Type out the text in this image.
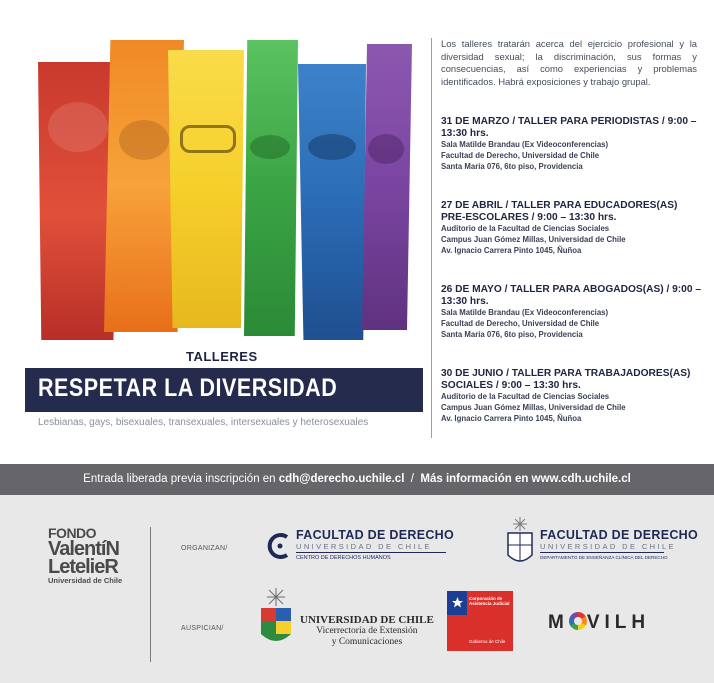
TALLERES
RESPETAR LA DIVERSIDAD
Lesbianas, gays, bisexuales, transexuales, intersexuales y heterosexuales
Los talleres tratarán acerca del ejercicio profesional y la diversidad sexual; la discriminación, sus formas y consecuencias, así como experiencias y problemas identificados. Habrá exposiciones y trabajo grupal.
31 DE MARZO / TALLER PARA PERIODISTAS / 9:00 – 13:30 hrs.
Sala Matilde Brandau (Ex Videoconferencias)
Facultad de Derecho, Universidad de Chile
Santa María 076, 6to piso, Providencia
27 DE ABRIL / TALLER PARA EDUCADORES(AS) PRE-ESCOLARES / 9:00 – 13:30 hrs.
Auditorio de la Facultad de Ciencias Sociales
Campus Juan Gómez Millas, Universidad de Chile
Av. Ignacio Carrera Pinto 1045, Ñuñoa
26 DE MAYO / TALLER PARA ABOGADOS(AS) / 9:00 – 13:30 hrs.
Sala Matilde Brandau (Ex Videoconferencias)
Facultad de Derecho, Universidad de Chile
Santa María 076, 6to piso, Providencia
30 DE JUNIO / TALLER PARA TRABAJADORES(AS) SOCIALES / 9:00 – 13:30 hrs.
Auditorio de la Facultad de Ciencias Sociales
Campus Juan Gómez Millas, Universidad de Chile
Av. Ignacio Carrera Pinto 1045, Ñuñoa
Entrada liberada previa inscripción en cdh@derecho.uchile.cl  /  Más información en www.cdh.uchile.cl
FONDO
ValentíN
LetelieR
Universidad de Chile
ORGANIZAN/
AUSPICIAN/
FACULTAD DE DERECHO
UNIVERSIDAD DE CHILE
CENTRO DE DERECHOS HUMANOS
FACULTAD DE DERECHO
UNIVERSIDAD DE CHILE
DEPARTAMENTO DE ENSEÑANZA CLÍNICA DEL DERECHO
UNIVERSIDAD DE CHILE
Vicerrectoría de Extensión
y Comunicaciones
Corporación de Asistencia Judicial
Gobierno de Chile
M VILH
